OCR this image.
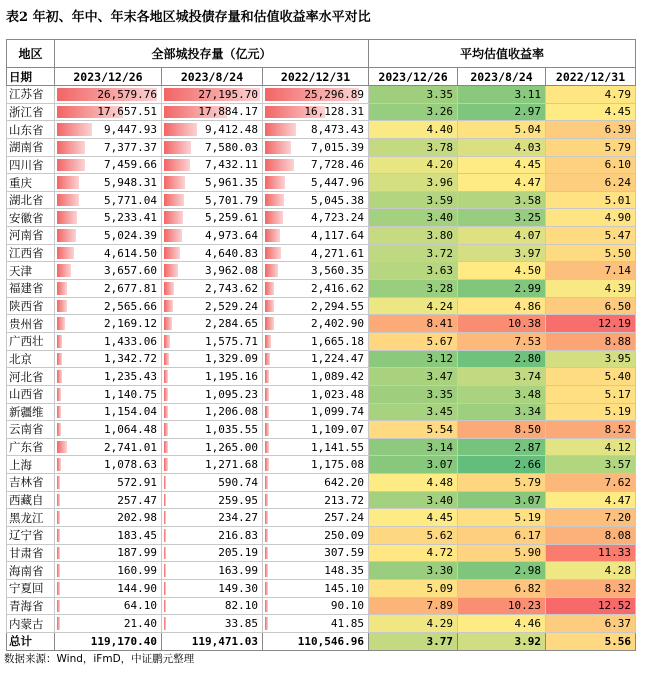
表2 年初、年中、年末各地区城投债存量和估值收益率水平对比
地区	全部城投存量（亿元）			平均估值收益率		
日期	2023/12/26	2023/8/24	2022/12/31	2023/12/26	2023/8/24	2022/12/31
江苏省	26,579.76	27,195.70	25,296.89	3.35	3.11	4.79
浙江省	17,657.51	17,884.17	16,128.31	3.26	2.97	4.45
山东省	9,447.93	9,412.48	8,473.43	4.40	5.04	6.39
湖南省	7,377.37	7,580.03	7,015.39	3.78	4.03	5.79
四川省	7,459.66	7,432.11	7,728.46	4.20	4.45	6.10
重庆	5,948.31	5,961.35	5,447.96	3.96	4.47	6.24
湖北省	5,771.04	5,701.79	5,045.38	3.59	3.58	5.01
安徽省	5,233.41	5,259.61	4,723.24	3.40	3.25	4.90
河南省	5,024.39	4,973.64	4,117.64	3.80	4.07	5.47
江西省	4,614.50	4,640.83	4,271.61	3.72	3.97	5.50
天津	3,657.60	3,962.08	3,560.35	3.63	4.50	7.14
福建省	2,677.81	2,743.62	2,416.62	3.28	2.99	4.39
陕西省	2,565.66	2,529.24	2,294.55	4.24	4.86	6.50
贵州省	2,169.12	2,284.65	2,402.90	8.41	10.38	12.19
广西壮	1,433.06	1,575.71	1,665.18	5.67	7.53	8.88
北京	1,342.72	1,329.09	1,224.47	3.12	2.80	3.95
河北省	1,235.43	1,195.16	1,089.42	3.47	3.74	5.40
山西省	1,140.75	1,095.23	1,023.48	3.35	3.48	5.17
新疆维	1,154.04	1,206.08	1,099.74	3.45	3.34	5.19
云南省	1,064.48	1,035.55	1,109.07	5.54	8.50	8.52
广东省	2,741.01	1,265.00	1,141.55	3.14	2.87	4.12
上海	1,078.63	1,271.68	1,175.08	3.07	2.66	3.57
吉林省	572.91	590.74	642.20	4.48	5.79	7.62
西藏自	257.47	259.95	213.72	3.40	3.07	4.47
黑龙江	202.98	234.27	257.24	4.45	5.19	7.20
辽宁省	183.45	216.83	250.09	5.62	6.17	8.08
甘肃省	187.99	205.19	307.59	4.72	5.90	11.33
海南省	160.99	163.99	148.35	3.30	2.98	4.28
宁夏回	144.90	149.30	145.10	5.09	6.82	8.32
青海省	64.10	82.10	90.10	7.89	10.23	12.52
内蒙古	21.40	33.85	41.85	4.29	4.46	6.37
总计	119,170.40	119,471.03	110,546.96	3.77	3.92	5.56
数据来源：Wind，iFmD，中证鹏元整理
